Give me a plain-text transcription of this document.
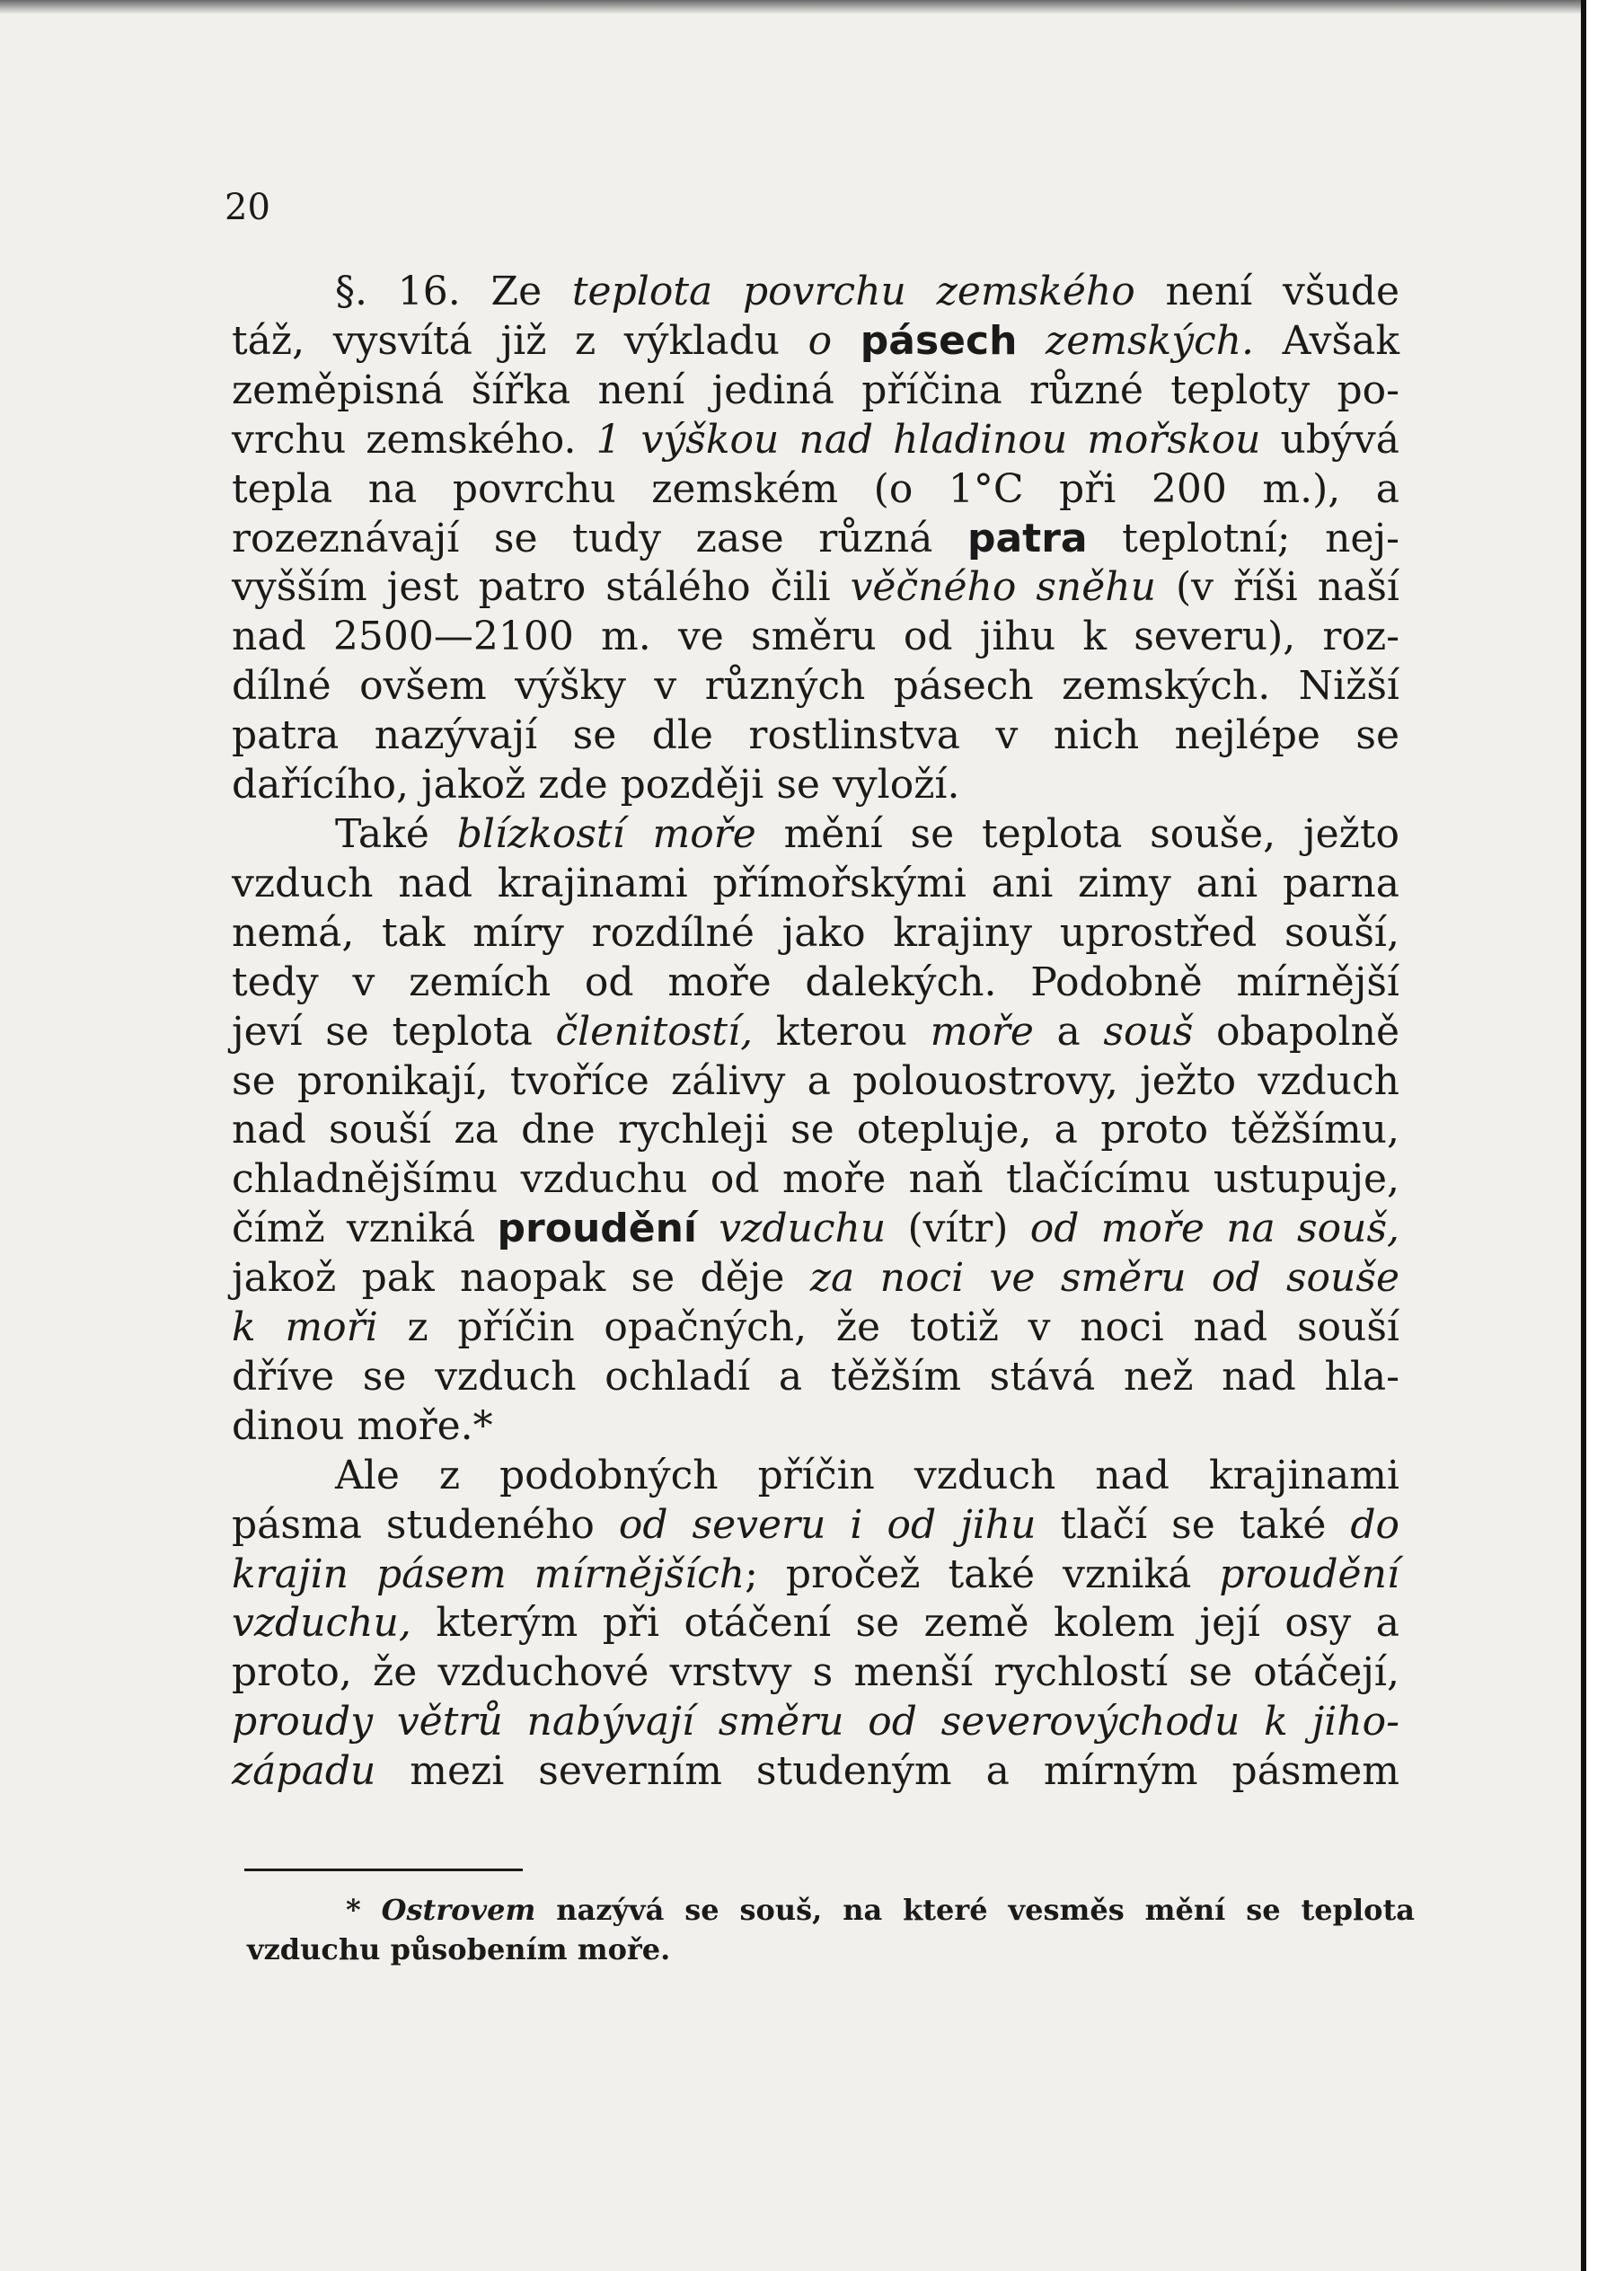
20
§. 16. Ze teplota povrchu zemského není všude
táž, vysvítá již z výkladu o pásech zemských. Avšak
zeměpisná šířka není jediná příčina různé teploty po-
vrchu zemského. 1 výškou nad hladinou mořskou ubývá
tepla na povrchu zemském (o 1°C při 200 m.), a
rozeznávají se tudy zase různá patra teplotní; nej-
vyšším jest patro stálého čili věčného sněhu (v říši naší
nad 2500—2100 m. ve směru od jihu k severu), roz-
dílné ovšem výšky v různých pásech zemských. Nižší
patra nazývají se dle rostlinstva v nich nejlépe se
dařícího, jakož zde později se vyloží.
Také blízkostí moře mění se teplota souše, ježto
vzduch nad krajinami přímořskými ani zimy ani parna
nemá, tak míry rozdílné jako krajiny uprostřed souší,
tedy v zemích od moře dalekých. Podobně mírnější
jeví se teplota členitostí, kterou moře a souš obapolně
se pronikají, tvoříce zálivy a polouostrovy, ježto vzduch
nad souší za dne rychleji se otepluje, a proto těžšímu,
chladnějšímu vzduchu od moře naň tlačícímu ustupuje,
čímž vzniká proudění vzduchu (vítr) od moře na souš,
jakož pak naopak se děje za noci ve směru od souše
k moři z příčin opačných, že totiž v noci nad souší
dříve se vzduch ochladí a těžším stává než nad hla-
dinou moře.*
Ale z podobných příčin vzduch nad krajinami
pásma studeného od severu i od jihu tlačí se také do
krajin pásem mírnějších; pročež také vzniká proudění
vzduchu, kterým při otáčení se země kolem její osy a
proto, že vzduchové vrstvy s menší rychlostí se otáčejí,
proudy větrů nabývají směru od severovýchodu k jiho-
západu mezi severním studeným a mírným pásmem
* Ostrovem nazývá se souš, na které vesměs mění se teplota
vzduchu působením moře.
